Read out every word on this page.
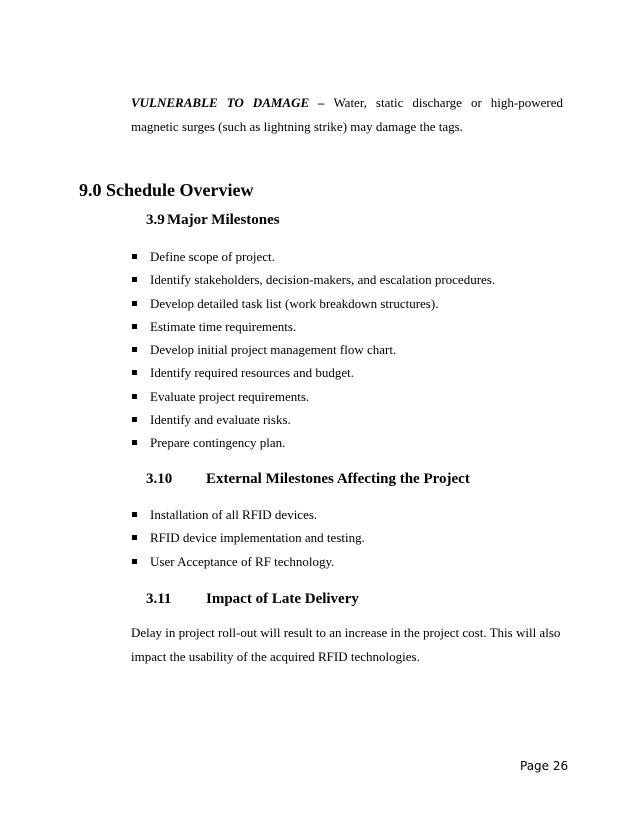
VULNERABLE TO DAMAGE – Water, static discharge or high-powered magnetic surges (such as lightning strike) may damage the tags.

9.0 Schedule Overview
3.9 Major Milestones
Define scope of project.
Identify stakeholders, decision-makers, and escalation procedures.
Develop detailed task list (work breakdown structures).
Estimate time requirements.
Develop initial project management flow chart.
Identify required resources and budget.
Evaluate project requirements.
Identify and evaluate risks.
Prepare contingency plan.
3.10 External Milestones Affecting the Project
Installation of all RFID devices.
RFID device implementation and testing.
User Acceptance of RF technology.
3.11 Impact of Late Delivery

Delay in project roll-out will result to an increase in the project cost. This will also impact the usability of the acquired RFID technologies.

Page 26
